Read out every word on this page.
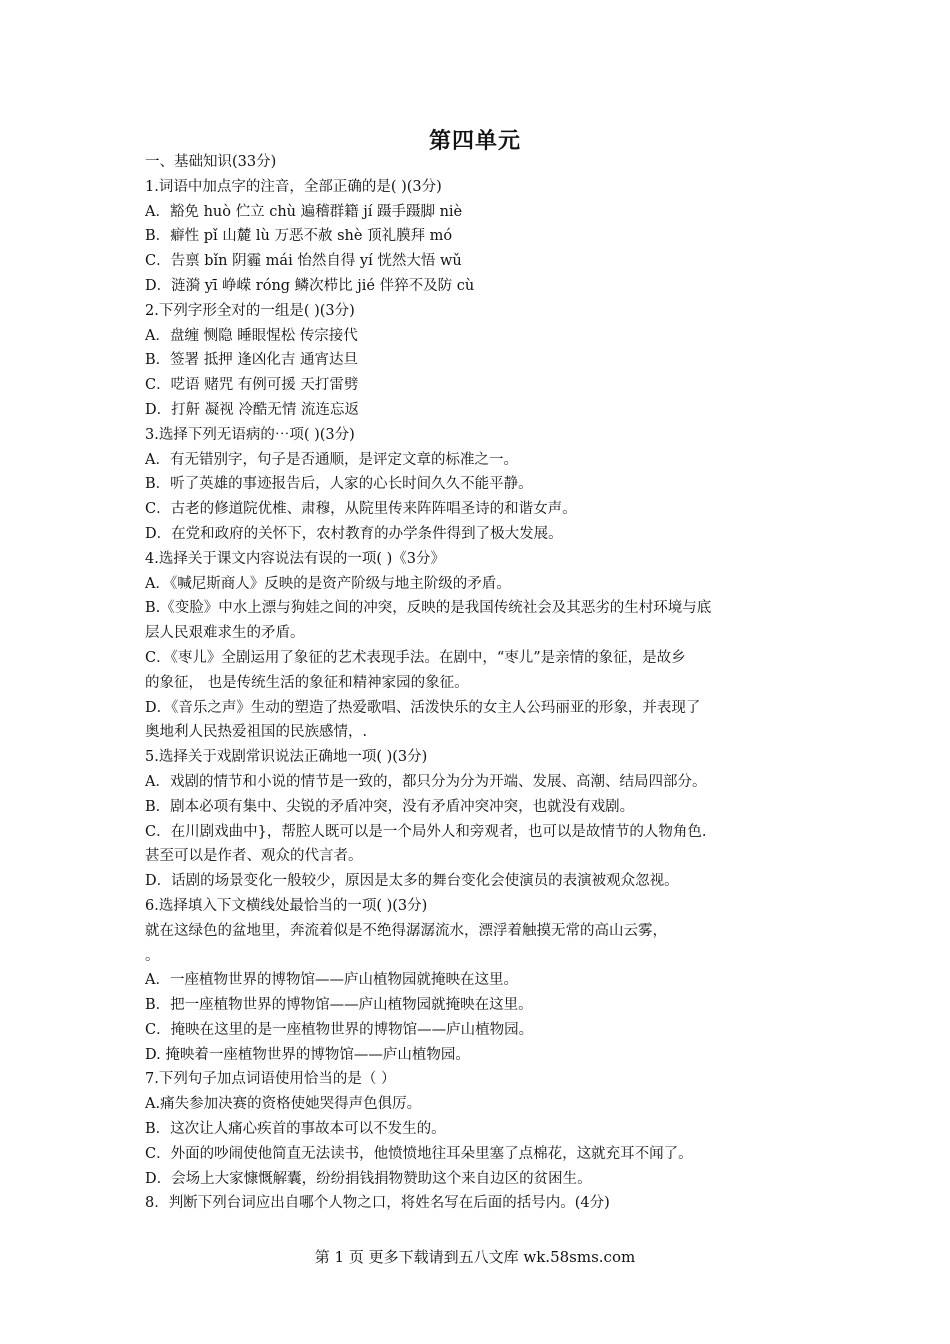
第四单元
一、基础知识(33分)
1.词语中加点字的注音，全部正确的是( )(3分)
A．豁免 huò 伫立 chù 遍稽群籍 jí 蹑手蹑脚 niè
B．癖性 pǐ 山麓 lù 万恶不赦 shè 顶礼膜拜 mó
C．告禀 bǐn 阴霾 mái 怡然自得 yí 恍然大悟 wǔ
D．涟漪 yī 峥嵘 róng 鳞次栉比 jié 伴猝不及防 cù
2.下列字形全对的一组是( )(3分)
A．盘缠 恻隐 睡眼惺松 传宗接代
B．签署 抵押 逢凶化吉 通宵达旦
C．呓语 赌咒 有例可援 天打雷劈
D．打鼾 凝视 冷酷无情 流连忘返
3.选择下列无语病的⋯项( )(3分)
A．有无错别字，句子是否通顺，是评定文章的标准之一。
B．听了英雄的事迹报告后，人家的心长时间久久不能平静。
C．古老的修道院优椎、肃穆，从院里传来阵阵唱圣诗的和谐女声。
D．在党和政府的关怀下，农村教育的办学条件得到了极大发展。
4.选择关于课文内容说法有误的一项( )《3分》
A．《喊尼斯商人》反映的是资产阶级与地主阶级的矛盾。
B.《变脸》中水上漂与狗娃之间的冲突，反映的是我国传统社会及其恶劣的生村环境与底
层人民艰难求生的矛盾。
C．《枣儿》全剧运用了象征的艺术表现手法。在剧中，“枣儿”是亲情的象征，是故乡
的象征， 也是传统生活的象征和精神家园的象征。
D．《音乐之声》生动的塑造了热爱歌唱、活泼快乐的女主人公玛丽亚的形象，并表现了
奥地利人民热爱祖国的民族感情，.
5.选择关于戏剧常识说法正确地一项( )(3分)
A．戏剧的情节和小说的情节是一致的，都只分为分为开端、发展、高潮、结局四部分。
B．剧本必项有集中、尖锐的矛盾冲突，没有矛盾冲突冲突，也就没有戏剧。
C．在川剧戏曲中}，帮腔人既可以是一个局外人和旁观者，也可以是故情节的人物角色.
甚至可以是作者、观众的代言者。
D．话剧的场景变化一般较少，原因是太多的舞台变化会使演员的表演被观众忽视。
6.选择填入下文横线处最恰当的一项( )(3分)
就在这绿色的盆地里，奔流着似是不绝得潺潺流水，漂浮着触摸无常的高山云雾，
。
A．一座植物世界的博物馆——庐山植物园就掩映在这里。
B．把一座植物世界的博物馆——庐山植物园就掩映在这里。
C．掩映在这里的是一座植物世界的博物馆——庐山植物园。
D. 掩映着一座植物世界的博物馆——庐山植物园。
7.下列句子加点词语使用恰当的是（ ）
A.痛失参加决赛的资格使她哭得声色俱厉。
B．这次让人痛心疾首的事故本可以不发生的。
C．外面的吵闹使他简直无法读书，他愤愤地往耳朵里塞了点棉花，这就充耳不闻了。
D．会场上大家慷慨解囊，纷纷捐钱捐物赞助这个来自边区的贫困生。
8．判断下列台词应出自哪个人物之口，将姓名写在后面的括号内。(4分)
第 1 页 更多下载请到五八文库 wk.58sms.com
